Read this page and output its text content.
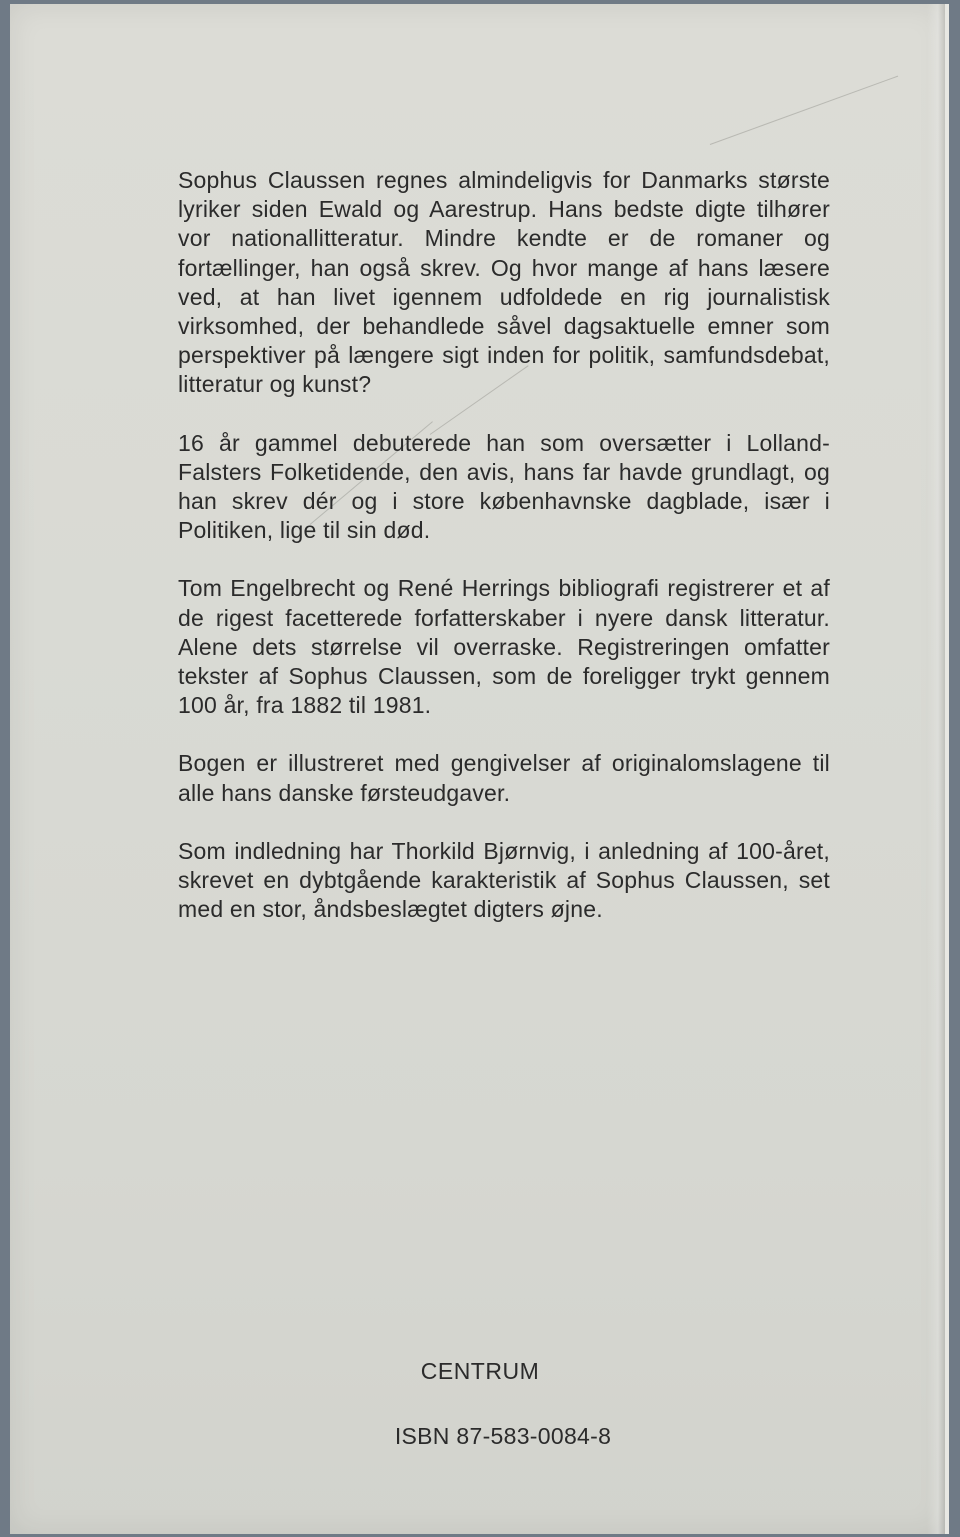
Sophus Claussen regnes almindeligvis for Danmarks største lyriker siden Ewald og Aarestrup. Hans bedste digte tilhører vor nationallitteratur. Mindre kendte er de romaner og fortællinger, han også skrev. Og hvor mange af hans læsere ved, at han livet igennem udfoldede en rig journalistisk virksomhed, der behandlede såvel dagsaktuelle emner som perspektiver på længere sigt inden for politik, samfundsdebat, litteratur og kunst?

16 år gammel debuterede han som oversætter i Lolland-Falsters Folketidende, den avis, hans far havde grundlagt, og han skrev dér og i store københavnske dagblade, især i Politiken, lige til sin død.

Tom Engelbrecht og René Herrings bibliografi registrerer et af de rigest facetterede forfatterskaber i nyere dansk litteratur. Alene dets størrelse vil overraske. Registreringen omfatter tekster af Sophus Claussen, som de foreligger trykt gennem 100 år, fra 1882 til 1981.

Bogen er illustreret med gengivelser af originalomslagene til alle hans danske førsteudgaver.

Som indledning har Thorkild Bjørnvig, i anledning af 100-året, skrevet en dybtgående karakteristik af Sophus Claussen, set med en stor, åndsbeslægtet digters øjne.

CENTRUM
ISBN 87-583-0084-8
